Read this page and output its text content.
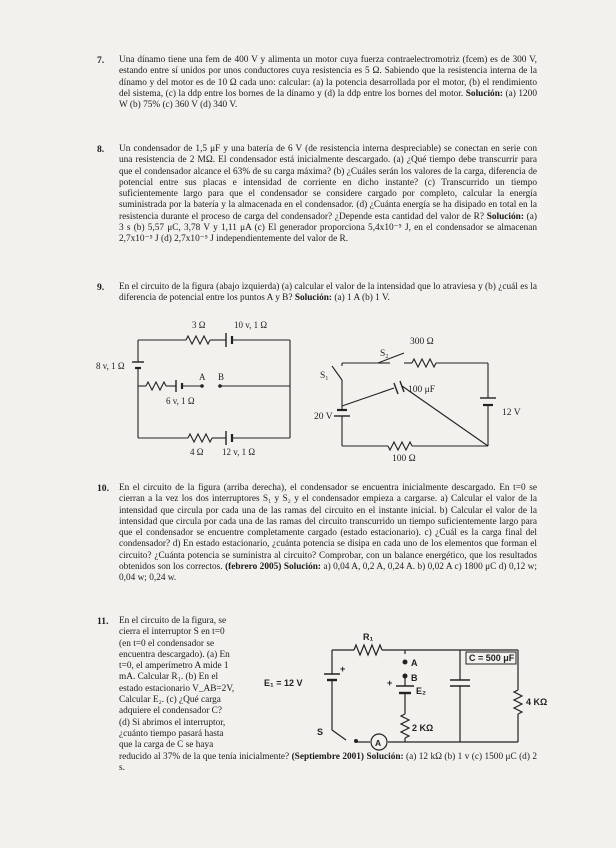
7. Una dínamo tiene una fem de 400 V y alimenta un motor cuya fuerza contraelectromotriz (fcem) es de 300 V, estando entre sí unidos por unos conductores cuya resistencia es 5 Ω. Sabiendo que la resistencia interna de la dínamo y del motor es de 10 Ω cada uno: calcular: (a) la potencia desarrollada por el motor, (b) el rendimiento del sistema, (c) la ddp entre los bornes de la dínamo y (d) la ddp entre los bornes del motor. Solución: (a) 1200 W (b) 75% (c) 360 V (d) 340 V.
8. Un condensador de 1,5 μF y una batería de 6 V (de resistencia interna despreciable) se conectan en serie con una resistencia de 2 MΩ. El condensador está inicialmente descargado. (a) ¿Qué tiempo debe transcurrir para que el condensador alcance el 63% de su carga máxima? (b) ¿Cuáles serán los valores de la carga, diferencia de potencial entre sus placas e intensidad de corriente en dicho instante? (c) Transcurrido un tiempo suficientemente largo para que el condensador se considere cargado por completo, calcular la energía suministrada por la batería y la almacenada en el condensador. (d) ¿Cuánta energía se ha disipado en total en la resistencia durante el proceso de carga del condensador? ¿Depende esta cantidad del valor de R? Solución: (a) 3 s (b) 5,57 μC, 3,78 V y 1,11 μA (c) El generador proporciona 5,4x10⁻⁵ J, en el condensador se almacenan 2,7x10⁻⁵ J (d) 2,7x10⁻⁵ J independientemente del valor de R.
9. En el circuito de la figura (abajo izquierda) (a) calcular el valor de la intensidad que lo atraviesa y (b) ¿cuál es la diferencia de potencial entre los puntos A y B? Solución: (a) 1 A (b) 1 V.
3 Ω	10 v, 1 Ω
8 v, 1 Ω
A B
6 v, 1 Ω
4 Ω 12 v, 1 Ω
300 Ω
S₂
S₁
100 μF
20 V	12 V
100 Ω
10. En el circuito de la figura (arriba derecha), el condensador se encuentra inicialmente descargado. En t=0 se cierran a la vez los dos interruptores S₁ y S₂ y el condensador empieza a cargarse. a) Calcular el valor de la intensidad que circula por cada una de las ramas del circuito en el instante inicial. b) Calcular el valor de la intensidad que circula por cada una de las ramas del circuito transcurrido un tiempo suficientemente largo para que el condensador se encuentre completamente cargado (estado estacionario). c) ¿Cuál es la carga final del condensador? d) En estado estacionario, ¿cuánta potencia se disipa en cada uno de los elementos que forman el circuito? ¿Cuánta potencia se suministra al circuito? Comprobar, con un balance energético, que los resultados obtenidos son los correctos. (febrero 2005) Solución: a) 0,04 A, 0,2 A, 0,24 A. b) 0,02 A c) 1800 μC d) 0,12 w; 0,04 w; 0,24 w.
11. En el circuito de la figura, se
cierra el interruptor S en t=0
(en t=0 el condensador se
encuentra descargado). (a) En
t=0, el amperímetro A mide 1
mA. Calcular R₁. (b) En el
estado estacionario V_AB=2V,
Calcular E₂. (c) ¿Qué carga
adquiere el condensador C?
(d) Si abrimos el interruptor,
¿cuánto tiempo pasará hasta
que la carga de C se haya
reducido al 37% de la que tenía inicialmente? (Septiembre 2001) Solución: (a) 12 kΩ (b) 1 v (c) 1500 μC (d) 2 s.
R₁
E₁ = 12 V
+
A
B
+
E₂
2 KΩ
C = 500 μF
4 KΩ
S
A
